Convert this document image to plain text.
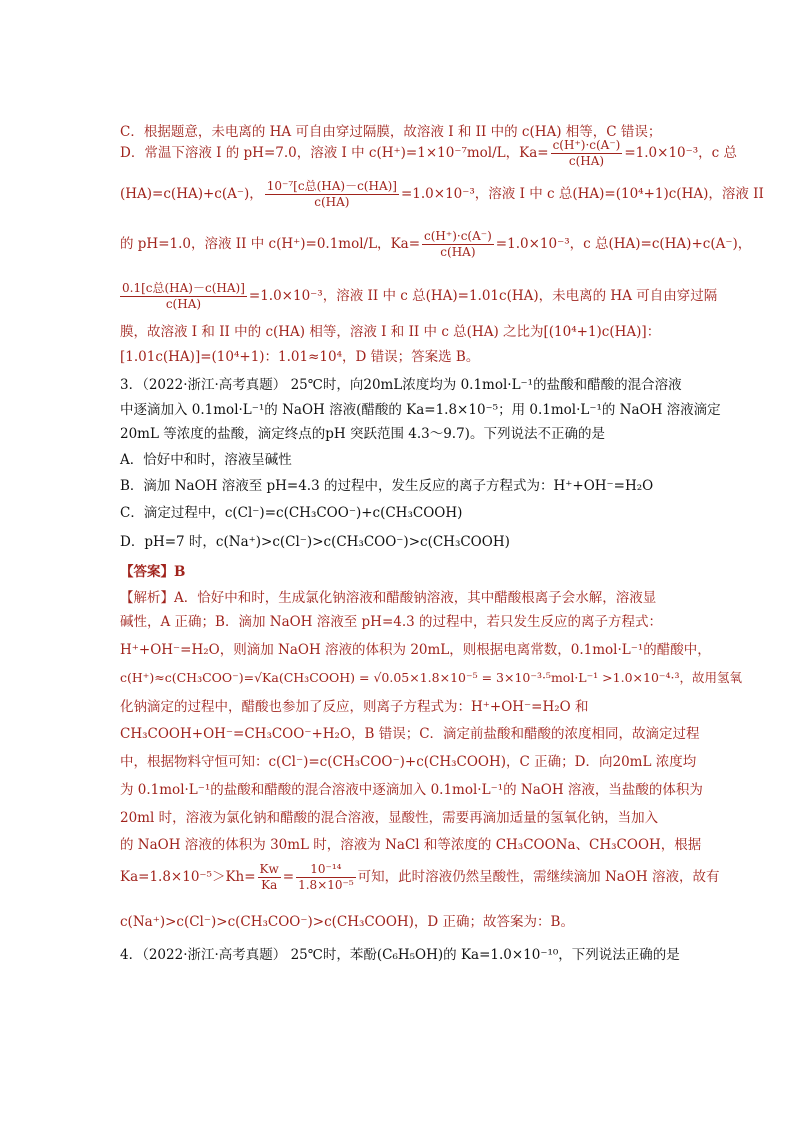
C．根据题意，未电离的 HA 可自由穿过隔膜，故溶液 I 和 II 中的 c(HA) 相等，C 错误；
D．常温下溶液 I 的 pH=7.0，溶液 I 中 c(H⁺)=1×10⁻⁷mol/L，$Ka= \frac{c(H^+)\cdot c(A^-)}{c(HA)} =1.0\times 10^{-3}$，c 总
(HA)=c(HA)+c(A⁻)， $\frac{\text{10⁻⁷[c总(HA)－c(HA)]}}{c(HA)} =1.0\times 10^{-3}$，溶液 I 中 c 总(HA)=(10⁴+1)c(HA)，溶液 II
的 pH=1.0，溶液 II 中 c(H⁺)=0.1mol/L，$Ka= \frac{c(H^+)\cdot c(A^-)}{c(HA)} =1.0\times 10^{-3}$，c 总(HA)=c(HA)+c(A⁻)，
$\frac{\text{0.1[c总(HA)－c(HA)]}}{c(HA)} =1.0\times 10^{-3}$，溶液 II 中 c 总(HA)=1.01c(HA)，未电离的 HA 可自由穿过隔
膜，故溶液 I 和 II 中的 c(HA) 相等，溶液 I 和 II 中 c 总(HA) 之比为[(10⁴+1)c(HA)]：
[1.01c(HA)]=(10⁴+1)：1.01≈10⁴，D 错误；答案选 B。
3．（2022·浙江·高考真题） 25℃时，向20mL浓度均为 0.1mol·L⁻¹的盐酸和醋酸的混合溶液
中逐滴加入 0.1mol·L⁻¹的 NaOH 溶液(醋酸的 Ka=1.8×10⁻⁵；用 0.1mol·L⁻¹的 NaOH 溶液滴定
20mL 等浓度的盐酸，滴定终点的pH 突跃范围 4.3～9.7)。下列说法不正确的是
A．恰好中和时，溶液呈碱性
B．滴加 NaOH 溶液至 pH=4.3 的过程中，发生反应的离子方程式为：H⁺+OH⁻=H₂O
C．滴定过程中，c(Cl⁻)=c(CH₃COO⁻)+c(CH₃COOH)
D．pH=7 时，c(Na⁺)>c(Cl⁻)>c(CH₃COO⁻)>c(CH₃COOH)
【答案】B
【解析】A．恰好中和时，生成氯化钠溶液和醋酸钠溶液，其中醋酸根离子会水解，溶液显
碱性，A 正确；B．滴加 NaOH 溶液至 pH=4.3 的过程中，若只发生反应的离子方程式：
H⁺+OH⁻=H₂O，则滴加 NaOH 溶液的体积为 20mL，则根据电离常数，0.1mol·L⁻¹的醋酸中，
c(H⁺)≈c(CH₃COO⁻)=√Ka(CH₃COOH) = √0.05×1.8×10⁻⁵ = 3×10⁻³·⁵mol·L⁻¹ >1.0×10⁻⁴·³，故用氢氧
化钠滴定的过程中，醋酸也参加了反应，则离子方程式为：H⁺+OH⁻=H₂O 和
CH₃COOH+OH⁻=CH₃COO⁻+H₂O，B 错误；C．滴定前盐酸和醋酸的浓度相同，故滴定过程
中，根据物料守恒可知：c(Cl⁻)=c(CH₃COO⁻)+c(CH₃COOH)，C 正确；D．向20mL 浓度均
为 0.1mol·L⁻¹的盐酸和醋酸的混合溶液中逐滴加入 0.1mol·L⁻¹的 NaOH 溶液，当盐酸的体积为
20ml 时，溶液为氯化钠和醋酸的混合溶液，显酸性，需要再滴加适量的氢氧化钠，当加入
的 NaOH 溶液的体积为 30mL 时，溶液为 NaCl 和等浓度的 CH₃COONa、CH₃COOH，根据
$Ka=1.8\times 10^{-5}>Kh= \frac{Kw}{Ka} = \frac{\text{10⁻¹⁴}}{\text{1.8×10⁻⁵}}$ 可知，此时溶液仍然呈酸性，需继续滴加 NaOH 溶液，故有
c(Na⁺)>c(Cl⁻)>c(CH₃COO⁻)>c(CH₃COOH)，D 正确；故答案为：B。
4．（2022·浙江·高考真题） 25℃时，苯酚(C₆H₅OH)的 Ka=1.0×10⁻¹⁰，下列说法正确的是
